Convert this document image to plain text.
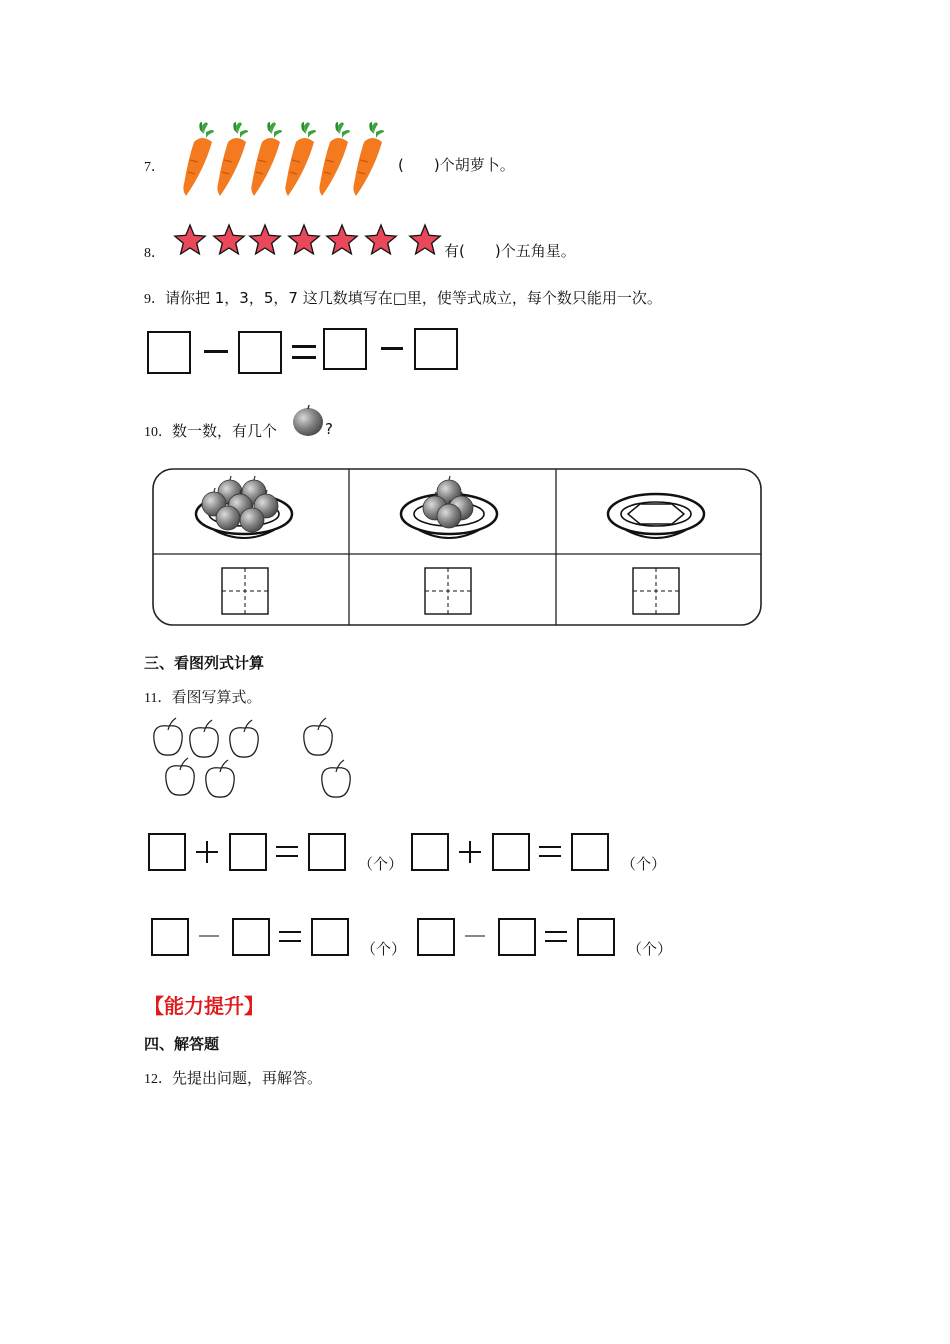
7．	(　　)个胡萝卜。
8．	有(　　)个五角星。
9．请你把 1，3，5，7 这几数填写在□里，使等式成立，每个数只能用一次。
10．数一数，有几个	?
三、看图列式计算
11．看图写算式。
（个）	（个）
（个）	（个）
【能力提升】
四、解答题
12．先提出问题，再解答。
